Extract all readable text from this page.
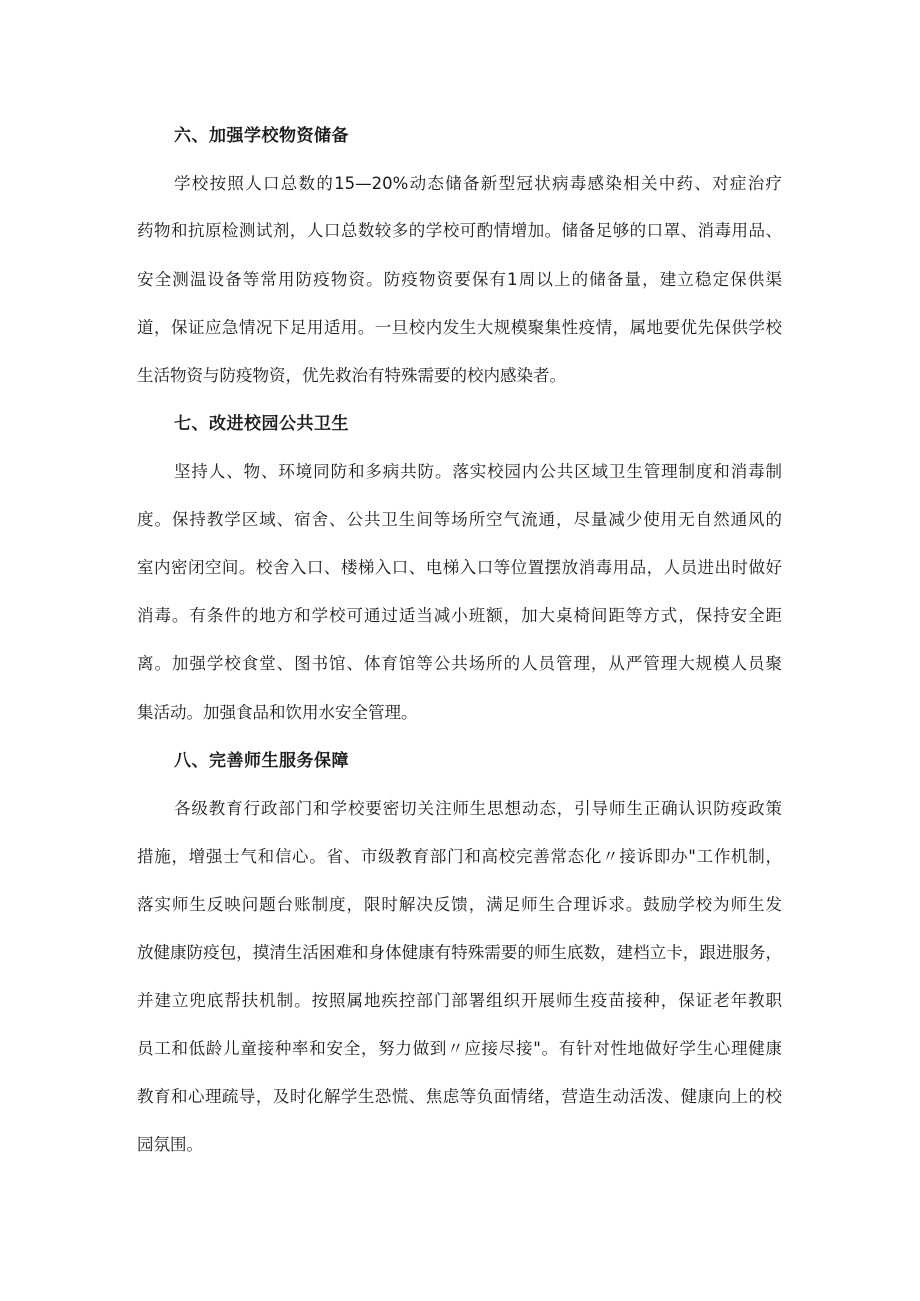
六、加强学校物资储备
学校按照人口总数的15—20%动态储备新型冠状病毒感染相关中药、对症治疗
药物和抗原检测试剂，人口总数较多的学校可酌情增加。储备足够的口罩、消毒用品、
安全测温设备等常用防疫物资。防疫物资要保有1周以上的储备量，建立稳定保供渠
道，保证应急情况下足用适用。一旦校内发生大规模聚集性疫情，属地要优先保供学校
生活物资与防疫物资，优先救治有特殊需要的校内感染者。
七、改进校园公共卫生
坚持人、物、环境同防和多病共防。落实校园内公共区域卫生管理制度和消毒制
度。保持教学区域、宿舍、公共卫生间等场所空气流通，尽量减少使用无自然通风的
室内密闭空间。校舍入口、楼梯入口、电梯入口等位置摆放消毒用品，人员进出时做好
消毒。有条件的地方和学校可通过适当减小班额，加大桌椅间距等方式，保持安全距
离。加强学校食堂、图书馆、体育馆等公共场所的人员管理，从严管理大规模人员聚
集活动。加强食品和饮用水安全管理。
八、完善师生服务保障
各级教育行政部门和学校要密切关注师生思想动态，引导师生正确认识防疫政策
措施，增强士气和信心。省、市级教育部门和高校完善常态化〃接诉即办"工作机制，
落实师生反映问题台账制度，限时解决反馈，满足师生合理诉求。鼓励学校为师生发
放健康防疫包，摸清生活困难和身体健康有特殊需要的师生底数，建档立卡，跟进服务，
并建立兜底帮扶机制。按照属地疾控部门部署组织开展师生疫苗接种，保证老年教职
员工和低龄儿童接种率和安全，努力做到〃应接尽接"。有针对性地做好学生心理健康
教育和心理疏导，及时化解学生恐慌、焦虑等负面情绪，营造生动活泼、健康向上的校
园氛围。
